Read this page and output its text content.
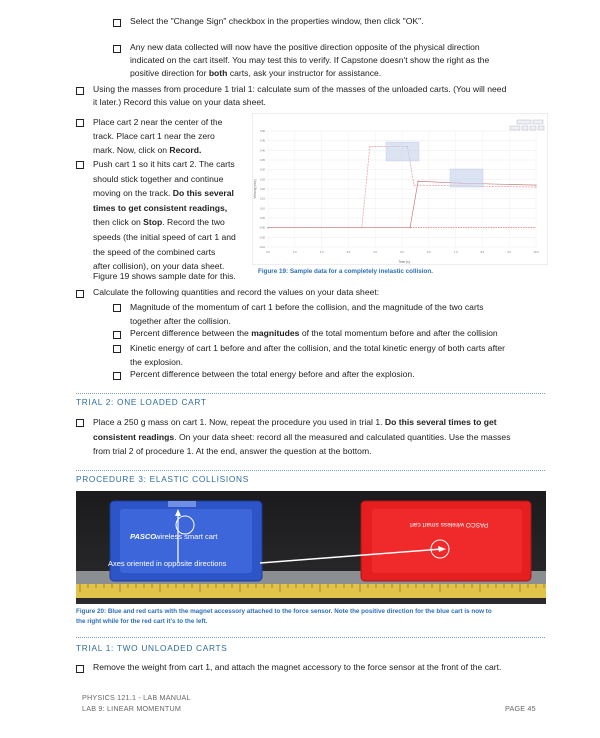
Select the "Change Sign" checkbox in the properties window, then click "OK".
Any new data collected will now have the positive direction opposite of the physical direction
indicated on the cart itself. You may test this to verify. If Capstone doesn't show the right as the
positive direction for both carts, ask your instructor for assistance.
Using the masses from procedure 1 trial 1: calculate sum of the masses of the unloaded carts. (You will need
it later.) Record this value on your data sheet.
Place cart 2 near the center of the
track. Place cart 1 near the zero
mark. Now, click on Record.
Push cart 1 so it hits cart 2. The carts
should stick together and continue
moving on the track. Do this several
times to get consistent readings,
then click on Stop. Record the two
speeds (the initial speed of cart 1 and
the speed of the combined carts
after collision), on your data sheet.
Figure 19 shows sample date for this.
-0.10
-0.05
-0.00
0.05
0.10
0.15
0.20
0.25
0.30
0.35
0.40
0.45
0.50
0.0	1.0	2.0	3.0	4.0	5.0	6.0	7.0	8.0	9.0	10.0
Velocity (m/s)
Time (s)
Figure 19: Sample data for a completely inelastic collision.
Calculate the following quantities and record the values on your data sheet:
Magnitude of the momentum of cart 1 before the collision, and the magnitude of the two carts
together after the collision.
Percent difference between the magnitudes of the total momentum before and after the collision
Kinetic energy of cart 1 before and after the collision, and the total kinetic energy of both carts after
the explosion.
Percent difference between the total energy before and after the explosion.
TRIAL 2: ONE LOADED CART
Place a 250 g mass on cart 1. Now, repeat the procedure you used in trial 1. Do this several times to get
consistent readings. On your data sheet: record all the measured and calculated quantities. Use the masses
from trial 2 of procedure 1. At the end, answer the question at the bottom.
PROCEDURE 3: ELASTIC COLLISIONS
PASCO
wireless smart cart
PASCO wireless smart cart
Axes oriented in opposite directions
Figure 20: Blue and red carts with the magnet accessory attached to the force sensor. Note the positive direction for the blue cart is now to
the right while for the red cart it's to the left.
TRIAL 1: TWO UNLOADED CARTS
Remove the weight from cart 1, and attach the magnet accessory to the force sensor at the front of the cart.
PHYSICS 121.1 - LAB MANUAL
LAB 9: LINEAR MOMENTUM	PAGE 45
